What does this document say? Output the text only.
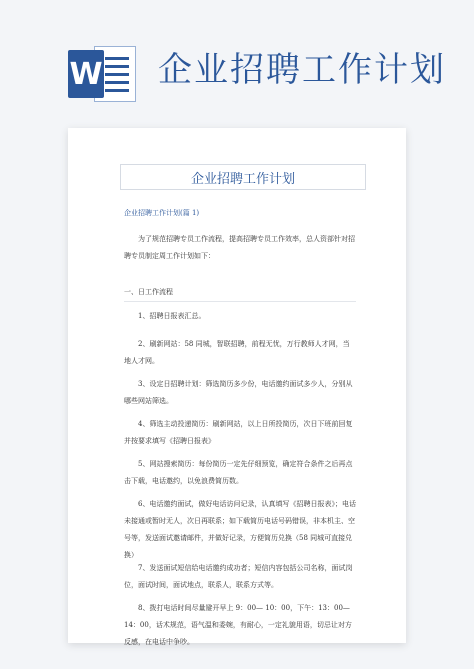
W 企业招聘工作计划
企业招聘工作计划
企业招聘工作计划(篇 1)
为了规范招聘专员工作流程，提高招聘专员工作效率，总人资部针对招聘专员制定周工作计划如下：
一、日工作流程
1、招聘日报表汇总。
2、刷新网站：58 同城，智联招聘，前程无忧，万行教师人才网，当地人才网。
3、设定日招聘计划：筛选简历多少份，电话邀约面试多少人，分别从哪些网站筛选。
4、筛选主动投递简历：刷新网站，以上日所投简历，次日下班前回复并按要求填写《招聘日报表》
5、网站搜索简历：每份简历一定先仔细预览，确定符合条件之后再点击下载，电话邀约，以免浪费简历数。
6、电话邀约面试，做好电话访问记录，认真填写《招聘日报表》；电话未接通或暂时无人，次日再联系；如下载简历电话号码错误，非本机主、空号等，发送面试邀请邮件，并做好记录，方便简历兑换（58 同城可直接兑换）
7、发送面试短信给电话邀约成功者；短信内容包括公司名称，面试岗位，面试时间，面试地点，联系人，联系方式等。
8、拨打电话时间尽量避开早上 9：00— 10：00，下午：13：00— 14：00，话术规范，语气温和委婉，有耐心，一定礼貌用语，切忌让对方反感，在电话中争吵。
